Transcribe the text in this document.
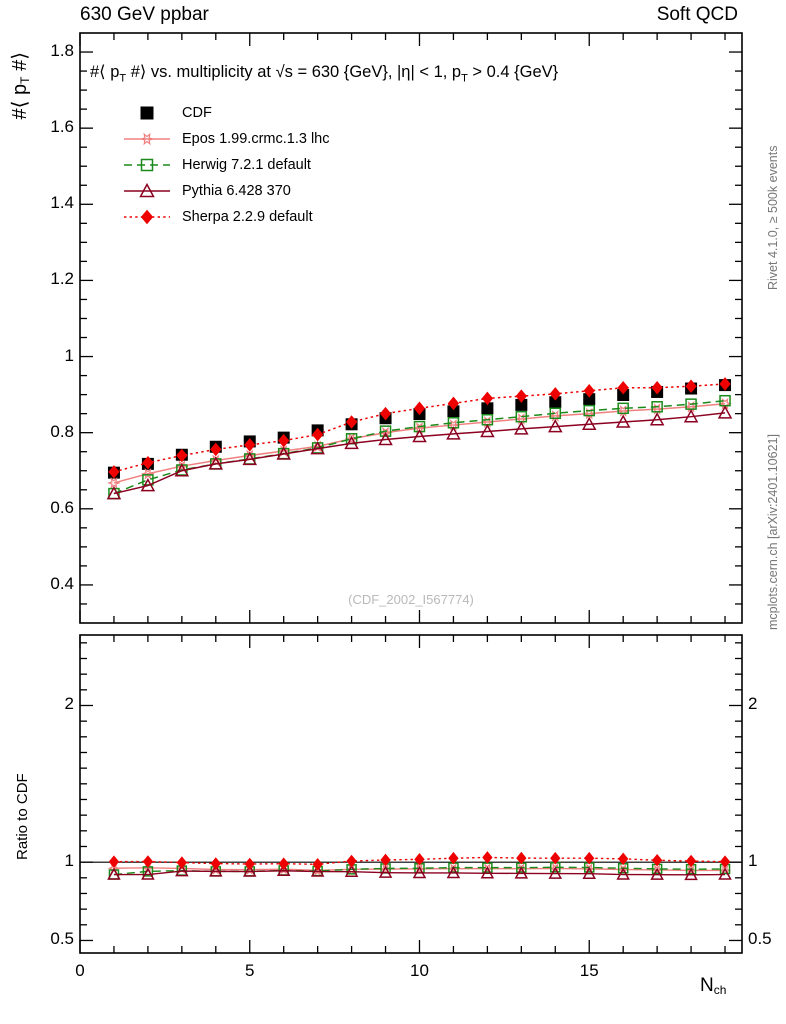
630 GeV ppbar	Soft QCD
Rivet 4.1.0, ≥ 500k events
mcplots.cern.ch [arXiv:2401.10621]
#⟨ $p_T$ #⟩
Ratio to CDF
(CDF_2002_I567774)
1.8
1.6
1.4
1.2
1
0.8
0.6
0.4
2
1
0.5
2
1
0.5
0	5	10	15
Nch
#⟨ $p_T$ #⟩ vs. multiplicity at √s = 630 {GeV}, |η| < 1, $p_T > 0.4$ {GeV}
CDF
Epos 1.99.crmc.1.3 lhc
Herwig 7.2.1 default
Pythia 6.428 370
Sherpa 2.2.9 default
